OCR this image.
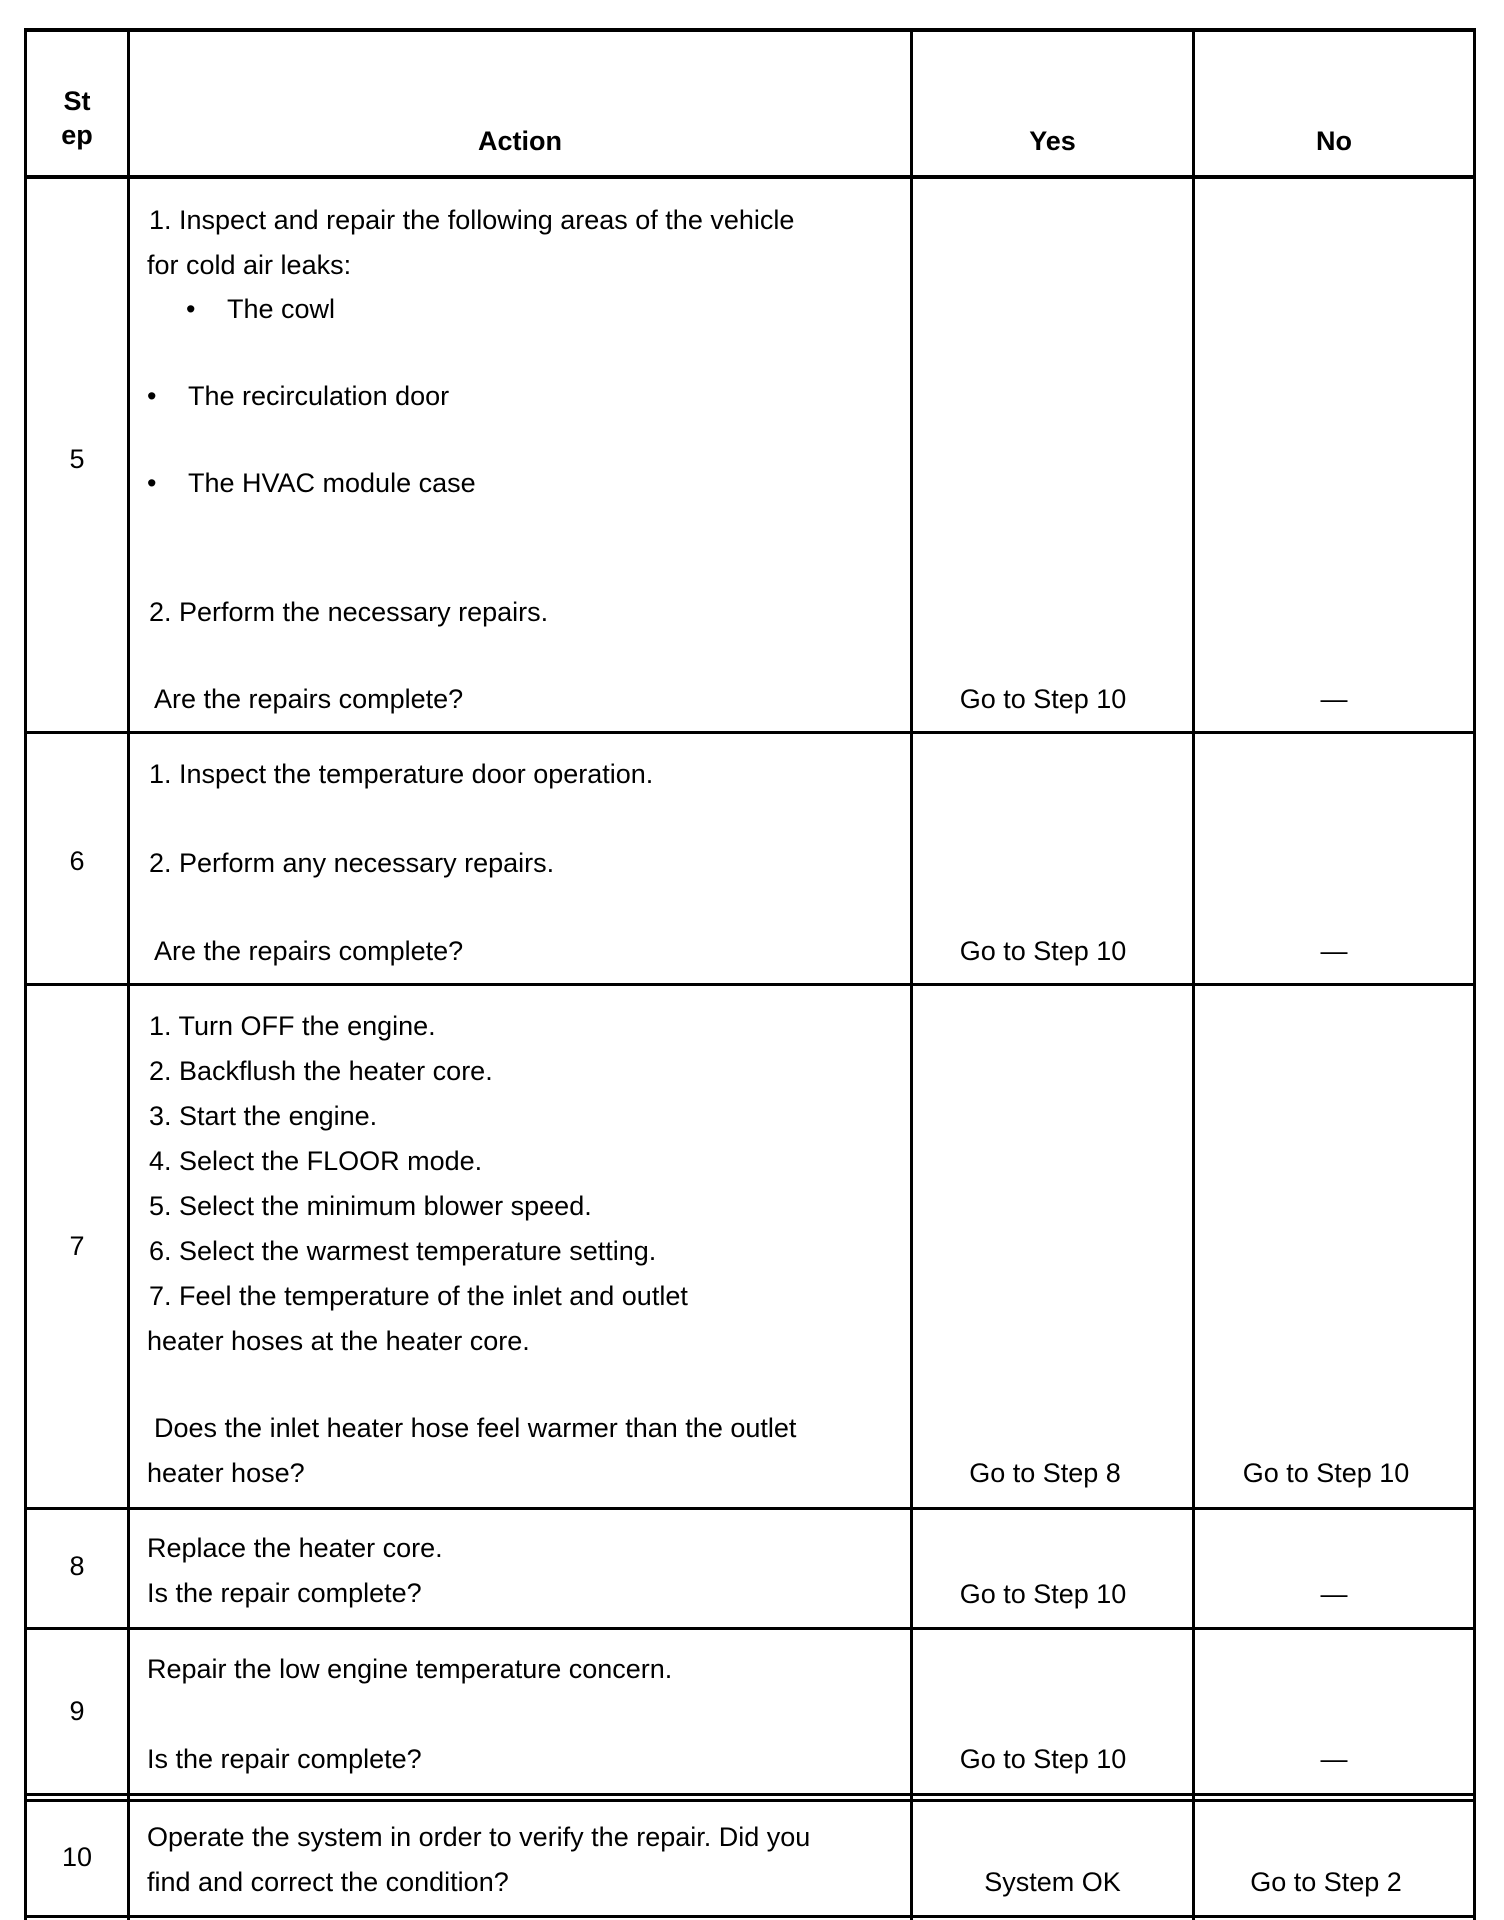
St
ep	Action	Yes	No
5
1. Inspect and repair the following areas of the vehicle
for cold air leaks:
• The cowl
• The recirculation door
• The HVAC module case
2. Perform the necessary repairs.
Are the repairs complete?	Go to Step 10	—
6
1. Inspect the temperature door operation.
2. Perform any necessary repairs.
Are the repairs complete?	Go to Step 10	—
7
1. Turn OFF the engine.
2. Backflush the heater core.
3. Start the engine.
4. Select the FLOOR mode.
5. Select the minimum blower speed.
6. Select the warmest temperature setting.
7. Feel the temperature of the inlet and outlet
heater hoses at the heater core.
Does the inlet heater hose feel warmer than the outlet
heater hose?	Go to Step 8	Go to Step 10
8
Replace the heater core.
Is the repair complete?	Go to Step 10	—
9
Repair the low engine temperature concern.
Is the repair complete?	Go to Step 10	—
10
Operate the system in order to verify the repair. Did you
find and correct the condition?	System OK	Go to Step 2
